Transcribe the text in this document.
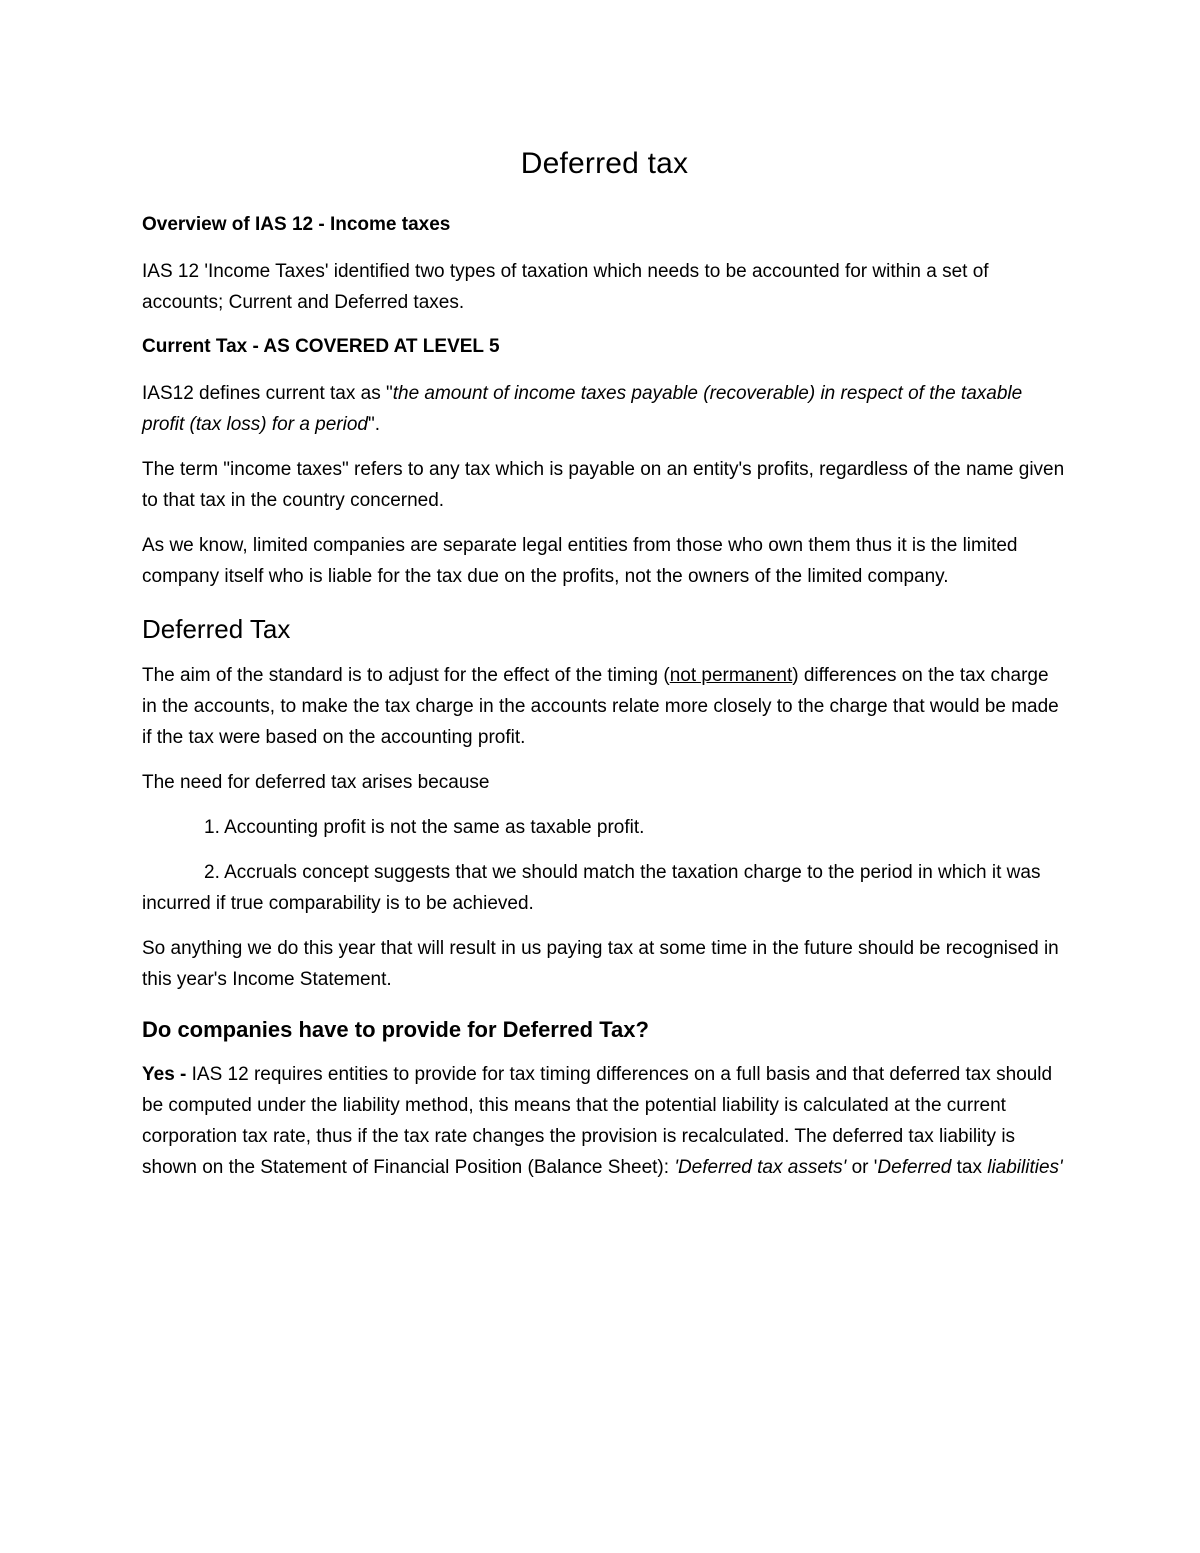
Deferred tax
Overview of IAS 12 - Income taxes

IAS 12 'Income Taxes' identified two types of taxation which needs to be accounted for within a set of accounts; Current and Deferred taxes.

Current Tax - AS COVERED AT LEVEL 5

IAS12 defines current tax as "the amount of income taxes payable (recoverable) in respect of the taxable profit (tax loss) for a period".

The term "income taxes" refers to any tax which is payable on an entity's profits, regardless of the name given to that tax in the country concerned.

As we know, limited companies are separate legal entities from those who own them thus it is the limited company itself who is liable for the tax due on the profits, not the owners of the limited company.

Deferred Tax

The aim of the standard is to adjust for the effect of the timing (not permanent) differences on the tax charge in the accounts, to make the tax charge in the accounts relate more closely to the charge that would be made if the tax were based on the accounting profit.

The need for deferred tax arises because

1. Accounting profit is not the same as taxable profit.

2. Accruals concept suggests that we should match the taxation charge to the period in which it was incurred if true comparability is to be achieved.

So anything we do this year that will result in us paying tax at some time in the future should be recognised in this year's Income Statement.

Do companies have to provide for Deferred Tax?

Yes - IAS 12 requires entities to provide for tax timing differences on a full basis and that deferred tax should be computed under the liability method, this means that the potential liability is calculated at the current corporation tax rate, thus if the tax rate changes the provision is recalculated. The deferred tax liability is shown on the Statement of Financial Position (Balance Sheet): 'Deferred tax assets' or 'Deferred tax liabilities'
